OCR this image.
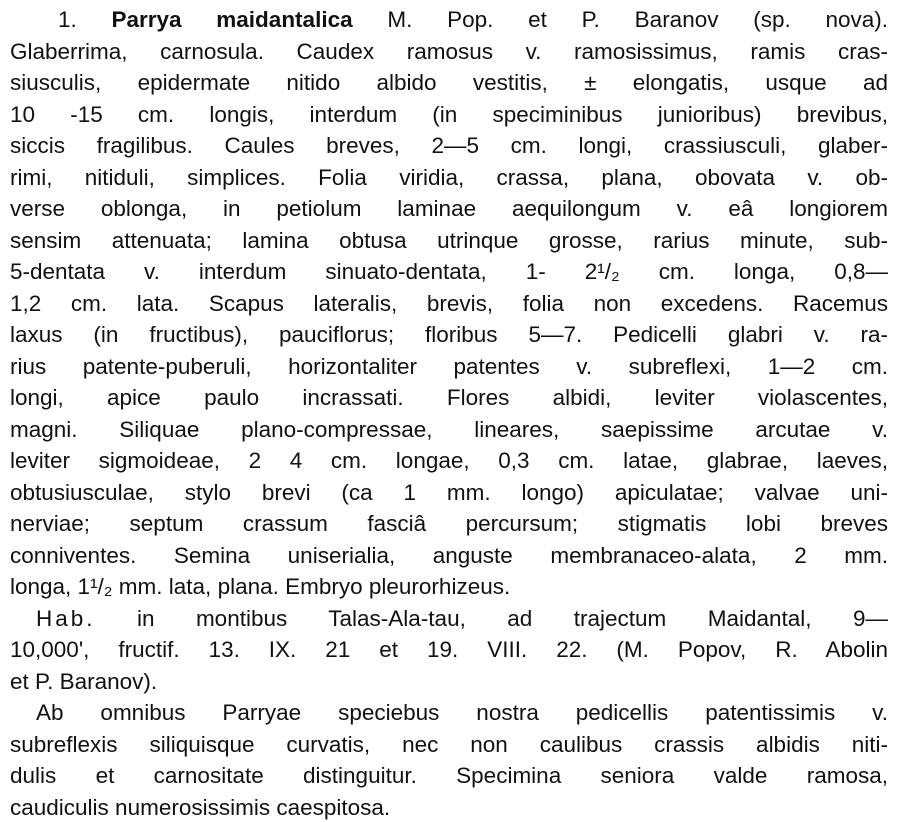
1. Parrya maidantalica M. Pop. et P. Baranov (sp. nova).
Glaberrima, carnosula. Caudex ramosus v. ramosissimus, ramis cras-
siusculis, epidermate nitido albido vestitis, ± elongatis, usque ad
10 -15 cm. longis, interdum (in speciminibus junioribus) brevibus,
siccis fragilibus. Caules breves, 2—5 cm. longi, crassiusculi, glaber-
rimi, nitiduli, simplices. Folia viridia, crassa, plana, obovata v. ob-
verse oblonga, in petiolum laminae aequilongum v. eâ longiorem
sensim attenuata; lamina obtusa utrinque grosse, rarius minute, sub-
5-dentata v. interdum sinuato-dentata, 1- 2¹/₂ cm. longa, 0,8—
1,2 cm. lata. Scapus lateralis, brevis, folia non excedens. Racemus
laxus (in fructibus), pauciflorus; floribus 5—7. Pedicelli glabri v. ra-
rius patente-puberuli, horizontaliter patentes v. subreflexi, 1—2 cm.
longi, apice paulo incrassati. Flores albidi, leviter violascentes,
magni. Siliquae plano-compressae, lineares, saepissime arcutae v.
leviter sigmoideae, 2 4 cm. longae, 0,3 cm. latae, glabrae, laeves,
obtusiusculae, stylo brevi (ca 1 mm. longo) apiculatae; valvae uni-
nerviae; septum crassum fasciâ percursum; stigmatis lobi breves
conniventes. Semina uniserialia, anguste membranaceo-alata, 2 mm.
longa, 1¹/₂ mm. lata, plana. Embryo pleurorhizeus.
Hab. in montibus Talas-Ala-tau, ad trajectum Maidantal, 9—
10,000', fructif. 13. IX. 21 et 19. VIII. 22. (M. Popov, R. Abolin
et P. Baranov).
Ab omnibus Parryae speciebus nostra pedicellis patentissimis v.
subreflexis siliquisque curvatis, nec non caulibus crassis albidis niti-
dulis et carnositate distinguitur. Specimina seniora valde ramosa,
caudiculis numerosissimis caespitosa.
